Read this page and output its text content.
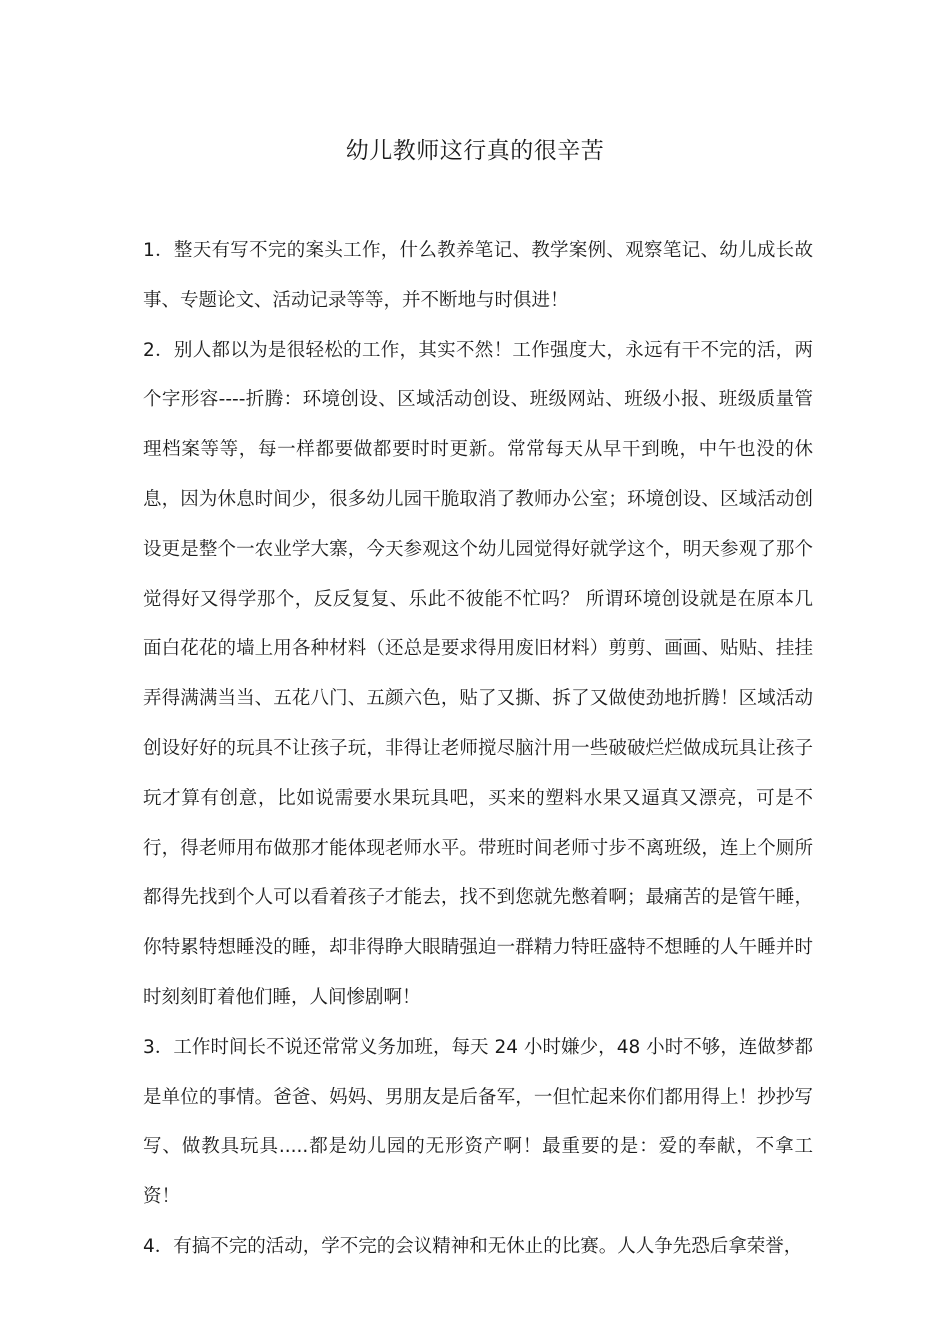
幼儿教师这行真的很辛苦

1．整天有写不完的案头工作，什么教养笔记、教学案例、观察笔记、幼儿成长故事、专题论文、活动记录等等，并不断地与时俱进！

2．别人都以为是很轻松的工作，其实不然！工作强度大，永远有干不完的活，两个字形容----折腾：环境创设、区域活动创设、班级网站、班级小报、班级质量管理档案等等，每一样都要做都要时时更新。常常每天从早干到晚，中午也没的休息，因为休息时间少，很多幼儿园干脆取消了教师办公室；环境创设、区域活动创设更是整个一农业学大寨，今天参观这个幼儿园觉得好就学这个，明天参观了那个觉得好又得学那个，反反复复、乐此不彼能不忙吗？ 所谓环境创设就是在原本几面白花花的墙上用各种材料（还总是要求得用废旧材料）剪剪、画画、贴贴、挂挂弄得满满当当、五花八门、五颜六色，贴了又撕、拆了又做使劲地折腾！区域活动创设好好的玩具不让孩子玩，非得让老师搅尽脑汁用一些破破烂烂做成玩具让孩子玩才算有创意，比如说需要水果玩具吧，买来的塑料水果又逼真又漂亮，可是不行，得老师用布做那才能体现老师水平。带班时间老师寸步不离班级，连上个厕所都得先找到个人可以看着孩子才能去，找不到您就先憋着啊；最痛苦的是管午睡，你特累特想睡没的睡，却非得睁大眼睛强迫一群精力特旺盛特不想睡的人午睡并时时刻刻盯着他们睡，人间惨剧啊！

3．工作时间长不说还常常义务加班，每天 24 小时嫌少，48 小时不够，连做梦都是单位的事情。爸爸、妈妈、男朋友是后备军，一但忙起来你们都用得上！抄抄写写、做教具玩具.....都是幼儿园的无形资产啊！最重要的是：爱的奉献，不拿工资！

4．有搞不完的活动，学不完的会议精神和无休止的比赛。人人争先恐后拿荣誉，
